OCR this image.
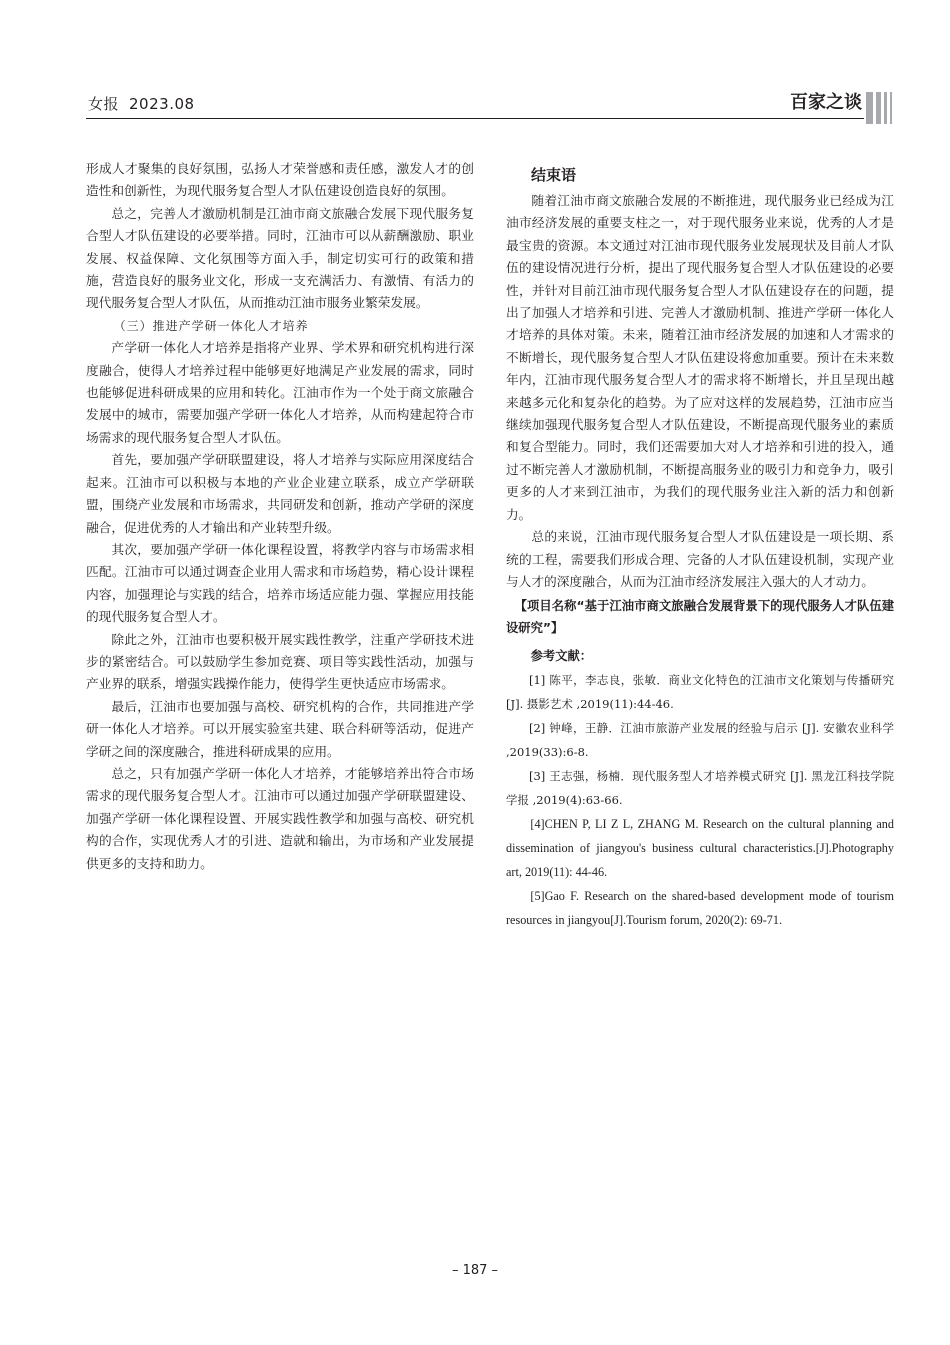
女报 2023.08	百家之谈

形成人才聚集的良好氛围，弘扬人才荣誉感和责任感，激发人才的创造性和创新性，为现代服务复合型人才队伍建设创造良好的氛围。

总之，完善人才激励机制是江油市商文旅融合发展下现代服务复合型人才队伍建设的必要举措。同时，江油市可以从薪酬激励、职业发展、权益保障、文化氛围等方面入手，制定切实可行的政策和措施，营造良好的服务业文化，形成一支充满活力、有激情、有活力的现代服务复合型人才队伍，从而推动江油市服务业繁荣发展。

（三）推进产学研一体化人才培养

产学研一体化人才培养是指将产业界、学术界和研究机构进行深度融合，使得人才培养过程中能够更好地满足产业发展的需求，同时也能够促进科研成果的应用和转化。江油市作为一个处于商文旅融合发展中的城市，需要加强产学研一体化人才培养，从而构建起符合市场需求的现代服务复合型人才队伍。

首先，要加强产学研联盟建设，将人才培养与实际应用深度结合起来。江油市可以积极与本地的产业企业建立联系，成立产学研联盟，围绕产业发展和市场需求，共同研发和创新，推动产学研的深度融合，促进优秀的人才输出和产业转型升级。

其次，要加强产学研一体化课程设置，将教学内容与市场需求相匹配。江油市可以通过调查企业用人需求和市场趋势，精心设计课程内容，加强理论与实践的结合，培养市场适应能力强、掌握应用技能的现代服务复合型人才。

除此之外，江油市也要积极开展实践性教学，注重产学研技术进步的紧密结合。可以鼓励学生参加竞赛、项目等实践性活动，加强与产业界的联系，增强实践操作能力，使得学生更快适应市场需求。

最后，江油市也要加强与高校、研究机构的合作，共同推进产学研一体化人才培养。可以开展实验室共建、联合科研等活动，促进产学研之间的深度融合，推进科研成果的应用。

总之，只有加强产学研一体化人才培养，才能够培养出符合市场需求的现代服务复合型人才。江油市可以通过加强产学研联盟建设、加强产学研一体化课程设置、开展实践性教学和加强与高校、研究机构的合作，实现优秀人才的引进、造就和输出，为市场和产业发展提供更多的支持和助力。

结束语

随着江油市商文旅融合发展的不断推进，现代服务业已经成为江油市经济发展的重要支柱之一，对于现代服务业来说，优秀的人才是最宝贵的资源。本文通过对江油市现代服务业发展现状及目前人才队伍的建设情况进行分析，提出了现代服务复合型人才队伍建设的必要性，并针对目前江油市现代服务复合型人才队伍建设存在的问题，提出了加强人才培养和引进、完善人才激励机制、推进产学研一体化人才培养的具体对策。未来，随着江油市经济发展的加速和人才需求的不断增长，现代服务复合型人才队伍建设将愈加重要。预计在未来数年内，江油市现代服务复合型人才的需求将不断增长，并且呈现出越来越多元化和复杂化的趋势。为了应对这样的发展趋势，江油市应当继续加强现代服务复合型人才队伍建设，不断提高现代服务业的素质和复合型能力。同时，我们还需要加大对人才培养和引进的投入，通过不断完善人才激励机制，不断提高服务业的吸引力和竞争力，吸引更多的人才来到江油市，为我们的现代服务业注入新的活力和创新力。

总的来说，江油市现代服务复合型人才队伍建设是一项长期、系统的工程，需要我们形成合理、完备的人才队伍建设机制，实现产业与人才的深度融合，从而为江油市经济发展注入强大的人才动力。

【项目名称“基于江油市商文旅融合发展背景下的现代服务人才队伍建设研究”】

参考文献：

[1] 陈平，李志良，张敏．商业文化特色的江油市文化策划与传播研究 [J]. 摄影艺术 ,2019(11):44-46.

[2] 钟峰，王静．江油市旅游产业发展的经验与启示 [J]. 安徽农业科学 ,2019(33):6-8.

[3] 王志强，杨楠．现代服务型人才培养模式研究 [J]. 黑龙江科技学院学报 ,2019(4):63-66.

[4]CHEN P, LI Z L, ZHANG M. Research on the cultural planning and dissemination of jiangyou's business cultural characteristics.[J].Photography art, 2019(11): 44-46.

[5]Gao F. Research on the shared-based development mode of tourism resources in jiangyou[J].Tourism forum, 2020(2): 69-71.

– 187 –
